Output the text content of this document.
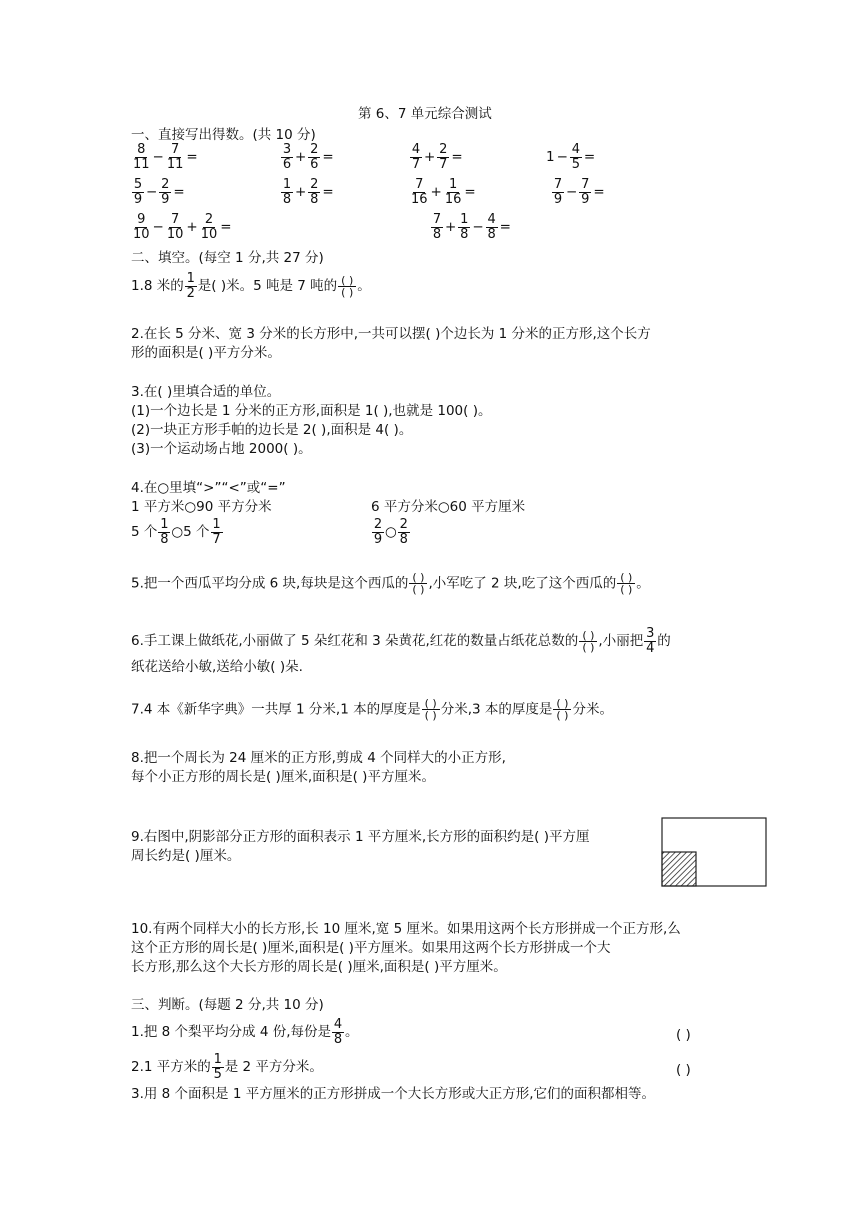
第 6、7 单元综合测试
一、直接写出得数。(共 10 分)
$\frac{8}{11} - \frac{7}{11}$ =	$\frac{3}{6} + \frac{2}{6}$ =	$\frac{4}{7} + \frac{2}{7}$ =	$1 - \frac{4}{5}$ =
$\frac{5}{9} - \frac{2}{9}$ =	$\frac{1}{8} + \frac{2}{8}$ =	$\frac{7}{16} + \frac{1}{16}$ =	$\frac{7}{9} - \frac{7}{9}$ =
$\frac{9}{10} - \frac{7}{10} + \frac{2}{10}$ =	$\frac{7}{8} + \frac{1}{8} - \frac{4}{8}$ =
二、填空。(每空 1 分,共 27 分)
1.8 米的 $\frac{1}{2}$ 是( )米。5 吨是 7 吨的 ( )
( ) 。
2.在长 5 分米、宽 3 分米的长方形中,一共可以摆( )个边长为 1 分米的正方形,这个长方
形的面积是( )平方分米。
3.在( )里填合适的单位。
(1)一个边长是 1 分米的正方形,面积是 1( ),也就是 100( )。
(2)一块正方形手帕的边长是 2( ),面积是 4( )。
(3)一个运动场占地 2000( )。
4.在○里填“>”“<”或“=”
1 平方米○90 平方分米	6 平方分米○60 平方厘米
5 个 $\frac{1}{8}$ ○5 个 $\frac{1}{7}$	$\frac{2}{9}$ ○ $\frac{2}{8}$
5.把一个西瓜平均分成 6 块,每块是这个西瓜的 ( )
( ) ,小军吃了 2 块,吃了这个西瓜的 ( )
( ) 。
6.手工课上做纸花,小丽做了 5 朵红花和 3 朵黄花,红花的数量占纸花总数的 ( )
( ) ,小丽把 $\frac{3}{4}$ 的
纸花送给小敏,送给小敏( )朵.
7.4 本《新华字典》一共厚 1 分米,1 本的厚度是 ( )
( ) 分米,3 本的厚度是 ( )
( ) 分米。
8.把一个周长为 24 厘米的正方形,剪成 4 个同样大的小正方形,
每个小正方形的周长是( )厘米,面积是( )平方厘米。
9.右图中,阴影部分正方形的面积表示 1 平方厘米,长方形的面积约是( )平方厘
周长约是( )厘米。
10.有两个同样大小的长方形,长 10 厘米,宽 5 厘米。如果用这两个长方形拼成一个正方形,么
这个正方形的周长是( )厘米,面积是( )平方厘米。如果用这两个长方形拼成一个大
长方形,那么这个大长方形的周长是( )厘米,面积是( )平方厘米。
三、判断。(每题 2 分,共 10 分)
1.把 8 个梨平均分成 4 份,每份是 $\frac{4}{8}$ 。	( )
2.1 平方米的 $\frac{1}{5}$ 是 2 平方分米。	( )
3.用 8 个面积是 1 平方厘米的正方形拼成一个大长方形或大正方形,它们的面积都相等。
